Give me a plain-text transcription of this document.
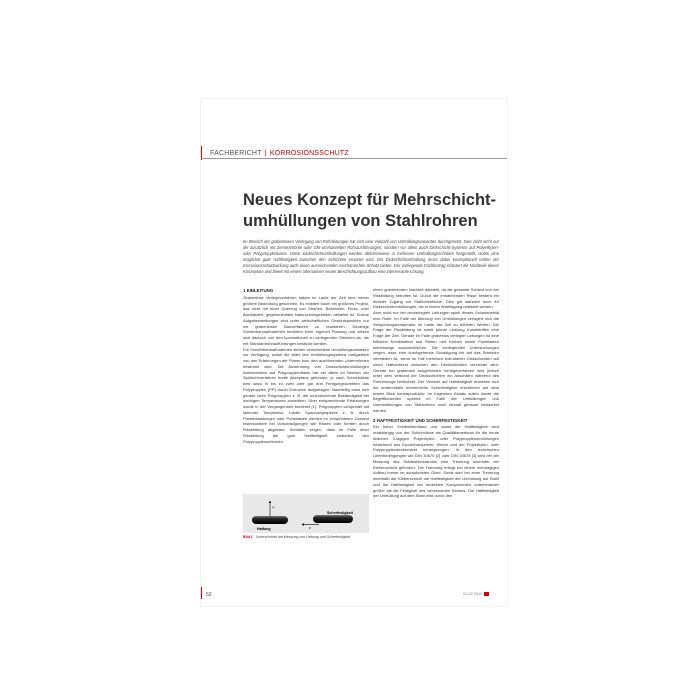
FACHBERICHT | KORROSIONSSCHUTZ
Neues Konzept für Mehrschicht-
umhüllungen von Stahlrohren
Im Bereich der grabenlosen Verlegung von Rohrleitungen hat sich eine Vielzahl von Umhüllungsvarianten durchgesetzt. Dies zieht nicht nur die zusätzlich mit Zementmörtel oder GfK-ummantelten Rohrausführungen, sondern vor allem auch Dickschicht-Systeme auf Polyethylen- oder Polypropylenbasis. Diese Dickschichtumhüllungen werden üblicherweise in mehreren Umhüllungsschritten hergestellt, wobei eine möglichst gute Haftfestigkeit zwischen den Schichten erwartet wird. Die Dickschichtumhüllung muss dabei konzeptionell neben der Korrosionsschutzwirkung auch einen ausreichenden mechanischen Schutz bieten. Der vorliegende Fachbeitrag erläutert die Nachteile dieser Konzeption und bietet mit einem alternativen neuen Beschichtungsaufbau eine interessante Lösung.

1 EINLEITUNG

Grabenlose Verlegeverfahren haben im Laufe der Zeit eine immer größere Bedeutung gewonnen. Es existiert kaum ein größeres Projekt, das nicht mit einer Querung von Straßen, Bahnlinien, Fluss- oder Bachläufen, gegebenenfalls Naturschutzgebieten behaftet ist. Solche Aufgabenstellungen sind unter wirtschaftlichen Gesichtspunkten nur mit grabenlosen Bauverfahren zu realisieren. Derartige Sonderbaumaßnahmen bedürfen einer eigenen Planung und setzen sich dadurch von den konventionell zu verlegenden Strecken ab, die mit Standardrohraufführungen bestückt werden.

Für Sonderbaumaßnahmen stehen verschiedene Umhüllungsvarianten zur Verfügung, wobei die Wahl des Umhüllungssystems maßgeblich von den Erfahrungen der Planer bzw. den ausführenden Unternehmen bestimmt wird. Die Anwendung von Dickschichtumhüllungen insbesondere auf Polypropylenbasis hat ein allem im Bereich der Spülbohrverfahren breite Akzeptanz gefunden, je nach Schichtdicke wird dazu in bis zu zwei oder gar drei Fertigungsschritten das Polypropylen (PP) durch Extrusion aufgetragen. Nachteilig kann sich gerade beim Polypropylen z. B. die unzureichende Beständigkeit bei niedrigen Temperaturen auswirken. Über entsprechende Erfahrungen wurde in der Vergangenheit berichtet [1]. Polypropylen versprödet mit fallender Temperatur. Lokale Spannungsspitzen z. B. durch Punktbelastungen oder Punktlasten werden im versprödeten Zustand insbesondere bei Vorschädigungen wie Rissen oder Kerben durch Rissbildung abgebaut. Schäden zeigen, dass im Falle einer Rissbildung die gute Haftfestigkeit zwischen den Polypropylenschichten

einen gravierenden Nachteil darstellt, da die gesamte Schicht von der Rissbildung betroffen ist. Durch die entstehenden Risse besteht ein direkter Zugang zur Stahloberfläche. Dies gilt natürlich auch für Dickschichtumhüllungen, die in einem Arbeitsgang realisiert werden.

Aber nicht nur bei neuverlegten Leitungen spielt dieses Schadensbild eine Rolle. Im Falle der Alterung von Umhüllungen verlagert sich die Verspödungstemperatur im Laufe der Zeit zu höheren Werten. Die Frage der Rissbildung ist somit primär Leistung Kunststoffes eine Frage der Zeit. Gerade im Falle grabenlos verlegter Leitungen ist eine kritische Kombination aus Riefen und Kerben sowie Punktlasten keineswegs auszuschließen. Die vorliegenden Untersuchungen zeigen, dass eine durchgehende Schädigung bis auf das Stahlrohr vermieden ist, wenn im Fall mehrfach extrudierter Dickschichten auf einen Haftverbund zwischen den Deckschichten verzichtet wird. Gerade bei grabenlos ausgeführten Verlegeverfahren wird jedoch unter dem Verbund der Deckschichten ein Abschälen während des Rohreinzugs befürchtet. Der Versicht auf Haftfestigkeit erwiesen sich die anderenfalls erforderliche Scherfestigkeit erscheinen auf dem ersten Blick kontraproduktiv. Im folgenden Absatz sollen daher die Begrifflichkeiten speziell im Falle der Umhüllungen und Ummantelungen von Stahlrohren noch einmal genauer betrachtet werden.

2 HAFTFESTIGKEIT UND SCHERFESTIGKEIT

Ein hoher Schälwiderstand und damit die Haftfestigkeit wird unabhängig von der Schichtdicke als Qualitätsmerkmal für die heute üblichen 3-lagigen Polyethylen- oder Polypropylenumhüllungen bestehend aus Epoxidharzprimer, Kleber und der Polyethylen- oder Polypropylendeckschicht herangezogen. In den technischen Lieferbedingungen wie DIN 30670 [2] oder DIN 30678 [3] wird bei der Messung des Schälwiderstandes eine Trennung innerhalb der Kleberschicht gefordert. Die Trennung erfolgt bei einem mehrlagigen Aufbau immer im schwächsten Glied. Somit wird bei einer Trennung innerhalb der Kleberschicht die Haftfestigkeit der Umhüllung auf Stahl und die Haftfestigkeit der einzelnen Komponenten untereinander größer als die Festigkeit des verwendeten Klebers. Die Haftfestigkeit der Umhüllung auf dem Stahl wird durch den

F
Haftung	F
Scherfestigkeit
Bild 1 Unterschiede bei Messung von Haftung und Scherfestigkeit
52	01-02 2013
